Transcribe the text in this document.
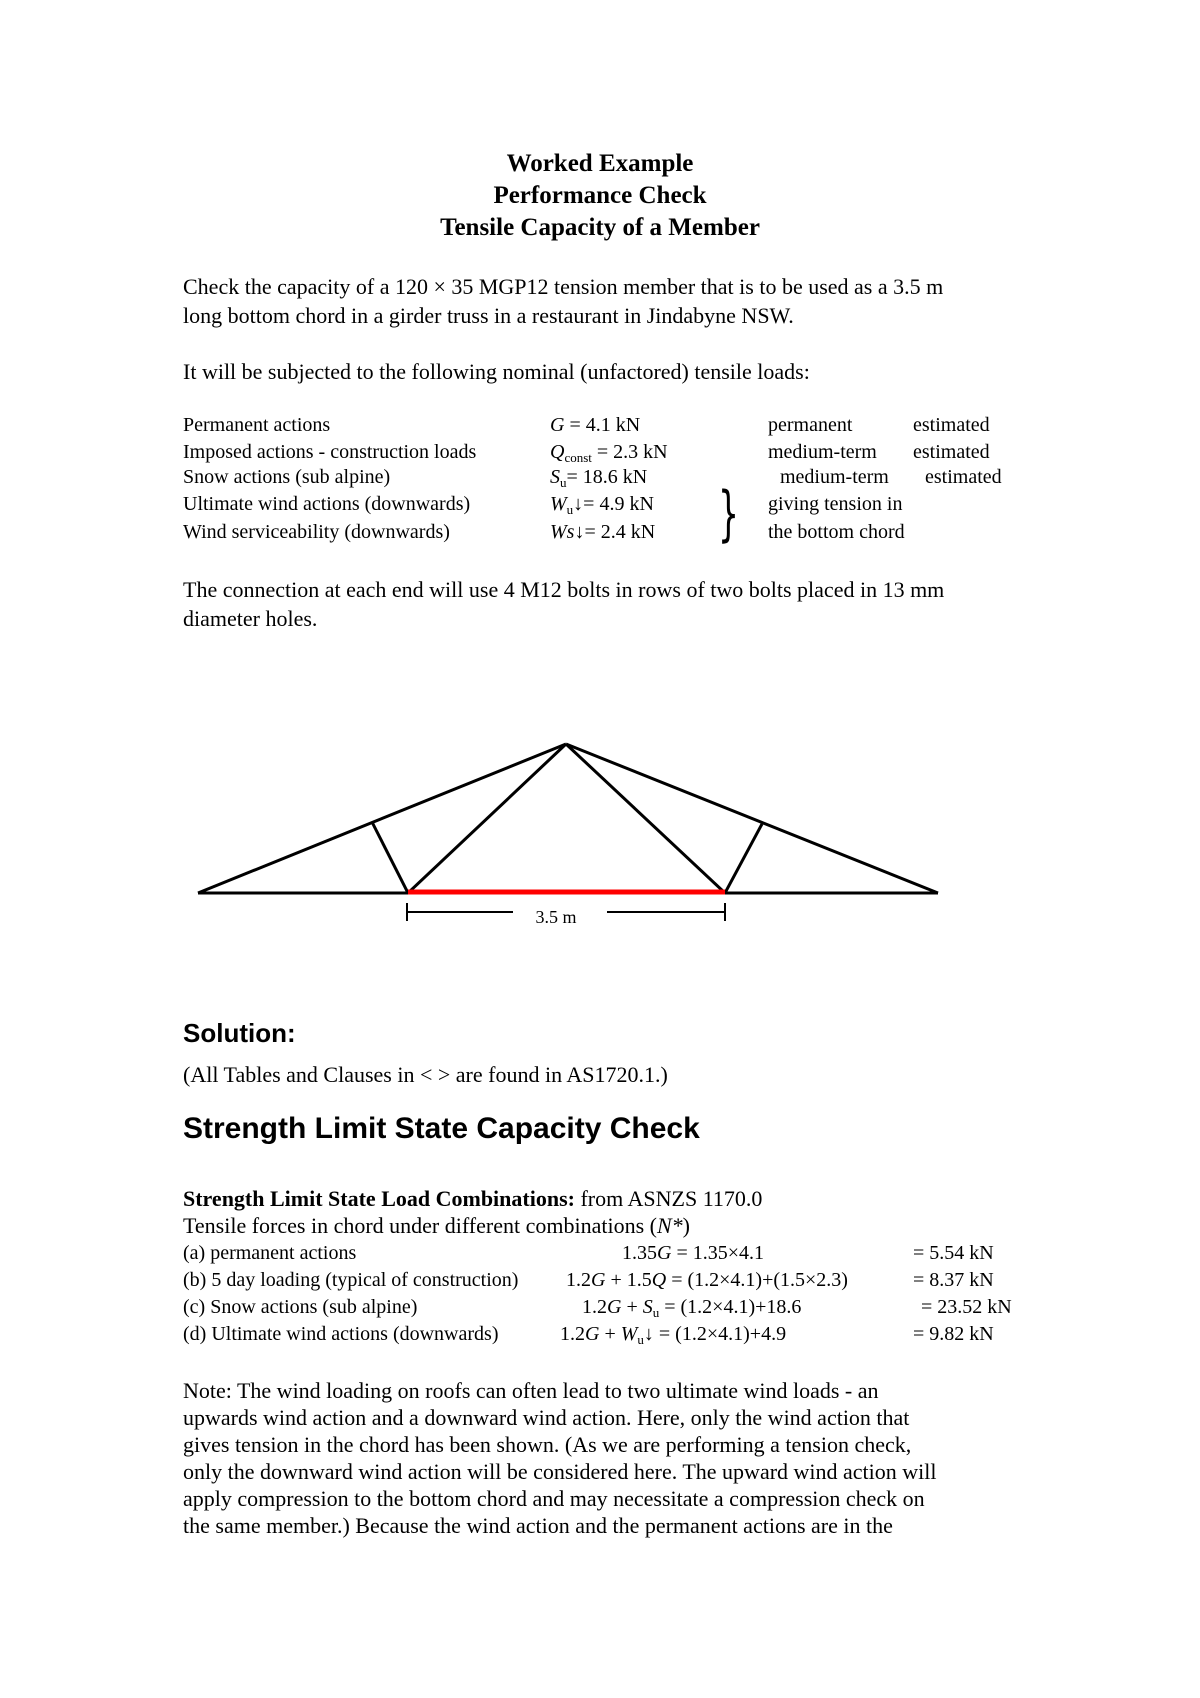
Worked Example
Performance Check
Tensile Capacity of a Member
Check the capacity of a 120 × 35 MGP12 tension member that is to be used as a 3.5 m
long bottom chord in a girder truss in a restaurant in Jindabyne NSW.
It will be subjected to the following nominal (unfactored) tensile loads:
Permanent actions	G = 4.1 kN	permanent	estimated
Imposed actions - construction loads	$Q_{const} = 2.3$ kN	medium-term estimated
Snow actions (sub alpine)	$S_u= 18.6$ kN	medium-term estimated
Ultimate wind actions (downwards)	$W_u↓= 4.9$ kN	giving tension in
Wind serviceability (downwards)	Ws↓= 2.4 kN	the bottom chord
}
The connection at each end will use 4 M12 bolts in rows of two bolts placed in 13 mm
diameter holes.
3.5 m
Solution:
(All Tables and Clauses in < > are found in AS1720.1.)
Strength Limit State Capacity Check
Strength Limit State Load Combinations: from ASNZS 1170.0
Tensile forces in chord under different combinations (N*)
(a) permanent actions	1.35G = 1.35×4.1	= 5.54 kN
(b) 5 day loading (typical of construction) 1.2G + 1.5Q = (1.2×4.1)+(1.5×2.3)	= 8.37 kN
(c) Snow actions (sub alpine)	$1.2G + S_u = (1.2\times 4.1)+18.6$	= 23.52 kN
(d) Ultimate wind actions (downwards)	$1.2G + W_u↓ = (1.2\times 4.1)+4.9$	= 9.82 kN
Note: The wind loading on roofs can often lead to two ultimate wind loads - an
upwards wind action and a downward wind action. Here, only the wind action that
gives tension in the chord has been shown. (As we are performing a tension check,
only the downward wind action will be considered here. The upward wind action will
apply compression to the bottom chord and may necessitate a compression check on
the same member.) Because the wind action and the permanent actions are in the
